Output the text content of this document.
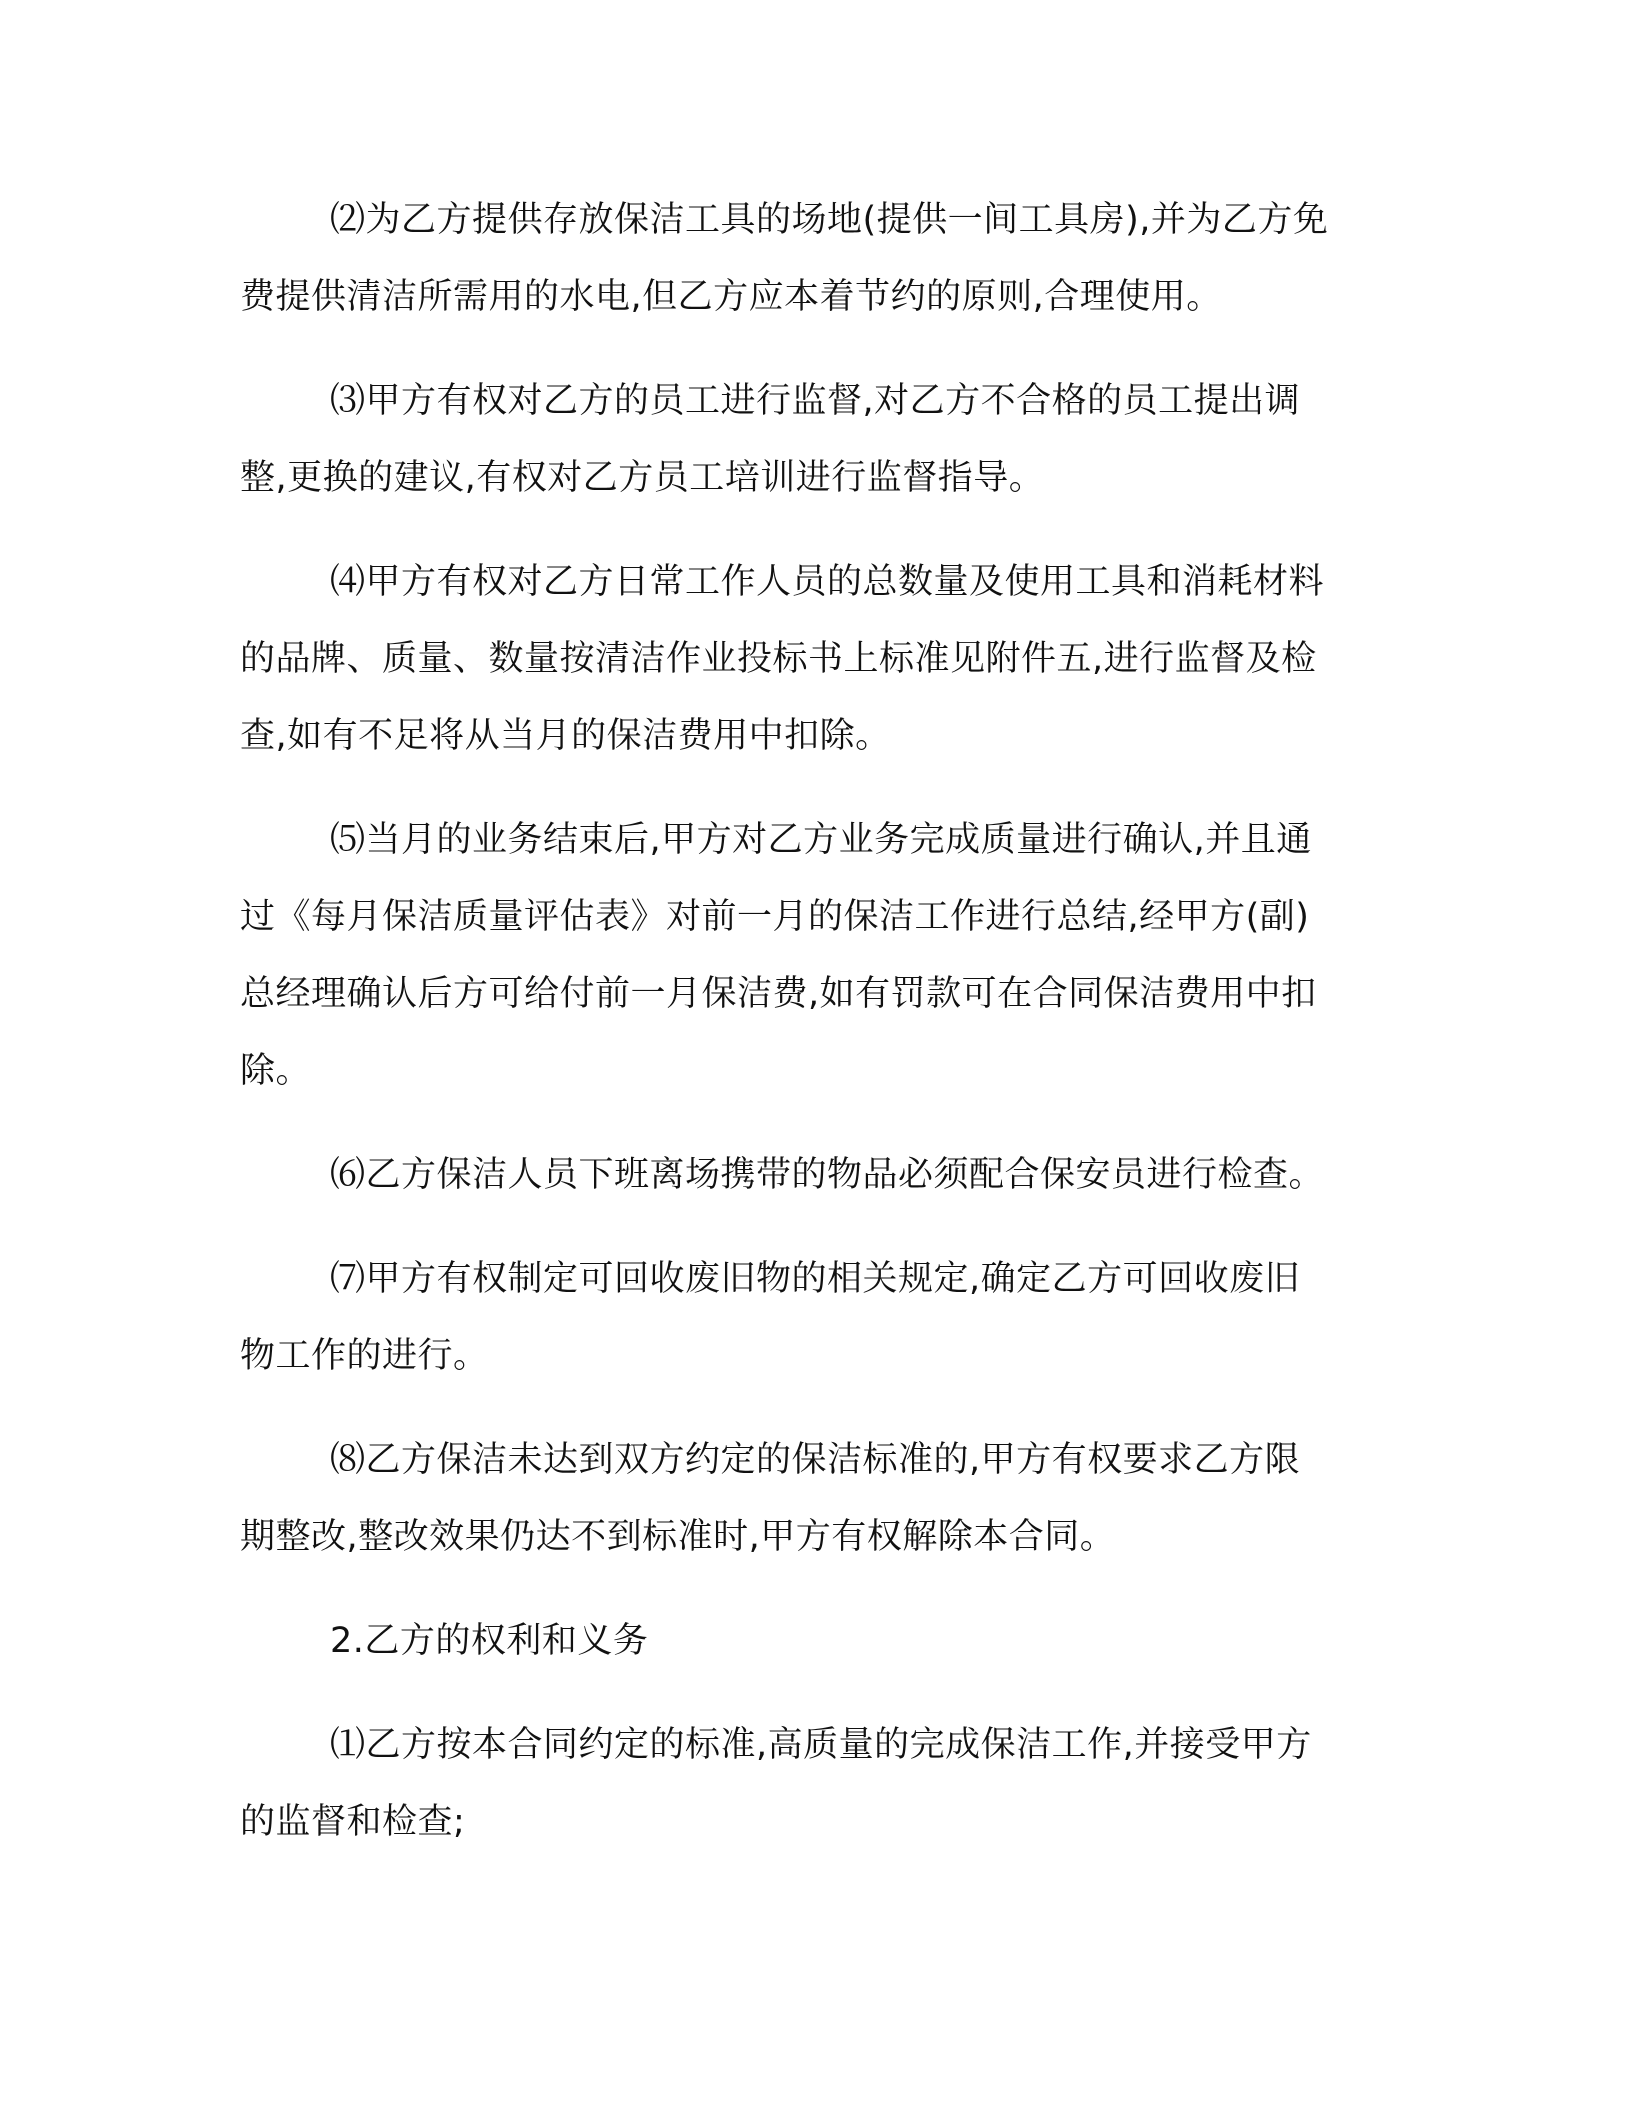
⑵为乙方提供存放保洁工具的场地(提供一间工具房),并为乙方免
费提供清洁所需用的水电,但乙方应本着节约的原则,合理使用。

⑶甲方有权对乙方的员工进行监督,对乙方不合格的员工提出调
整,更换的建议,有权对乙方员工培训进行监督指导。

⑷甲方有权对乙方日常工作人员的总数量及使用工具和消耗材料
的品牌、质量、数量按清洁作业投标书上标准见附件五,进行监督及检
查,如有不足将从当月的保洁费用中扣除。

⑸当月的业务结束后,甲方对乙方业务完成质量进行确认,并且通
过《每月保洁质量评估表》对前一月的保洁工作进行总结,经甲方(副)
总经理确认后方可给付前一月保洁费,如有罚款可在合同保洁费用中扣
除。

⑹乙方保洁人员下班离场携带的物品必须配合保安员进行检查。

⑺甲方有权制定可回收废旧物的相关规定,确定乙方可回收废旧
物工作的进行。

⑻乙方保洁未达到双方约定的保洁标准的,甲方有权要求乙方限
期整改,整改效果仍达不到标准时,甲方有权解除本合同。

2.乙方的权利和义务

⑴乙方按本合同约定的标准,高质量的完成保洁工作,并接受甲方
的监督和检查;
